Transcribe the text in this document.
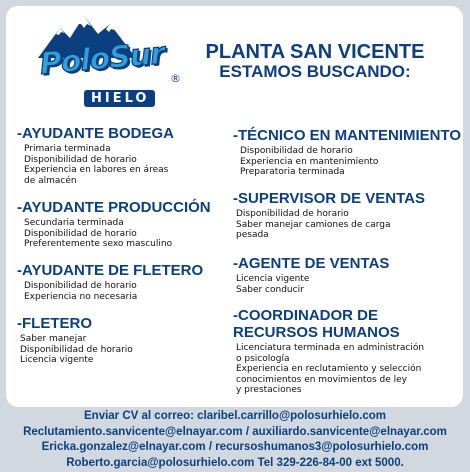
PoloSur ®
HIELO
PLANTA SAN VICENTE
ESTAMOS BUSCANDO:
-AYUDANTE BODEGA
Primaria terminada
Disponibilidad de horario
Experiencia en labores en áreas
de almacén
-AYUDANTE PRODUCCIÓN
Secundaria terminada
Disponibilidad de horario
Preferentemente sexo masculino
-AYUDANTE DE FLETERO
Disponibilidad de horario
Experiencia no necesaria
-FLETERO
Saber manejar
Disponibilidad de horario
Licencia vigente
-TÉCNICO EN MANTENIMIENTO
Disponibilidad de horario
Experiencia en mantenimiento
Preparatoria terminada
-SUPERVISOR DE VENTAS
Disponibilidad de horario
Saber manejar camiones de carga
pesada
-AGENTE DE VENTAS
Licencia vigente
Saber conducir
-COORDINADOR DE
RECURSOS HUMANOS
Licenciatura terminada en administración
o psicología
Experiencia en reclutamiento y selección
conocimientos en movimientos de ley
y prestaciones
Enviar CV al correo: claribel.carrillo@polosurhielo.com
Reclutamiento.sanvicente@elnayar.com / auxiliardo.sanvicente@elnayar.com
Ericka.gonzalez@elnayar.com / recursoshumanos3@polosurhielo.com
Roberto.garcia@polosurhielo.com Tel 329-226-84-00 ext 5000.
